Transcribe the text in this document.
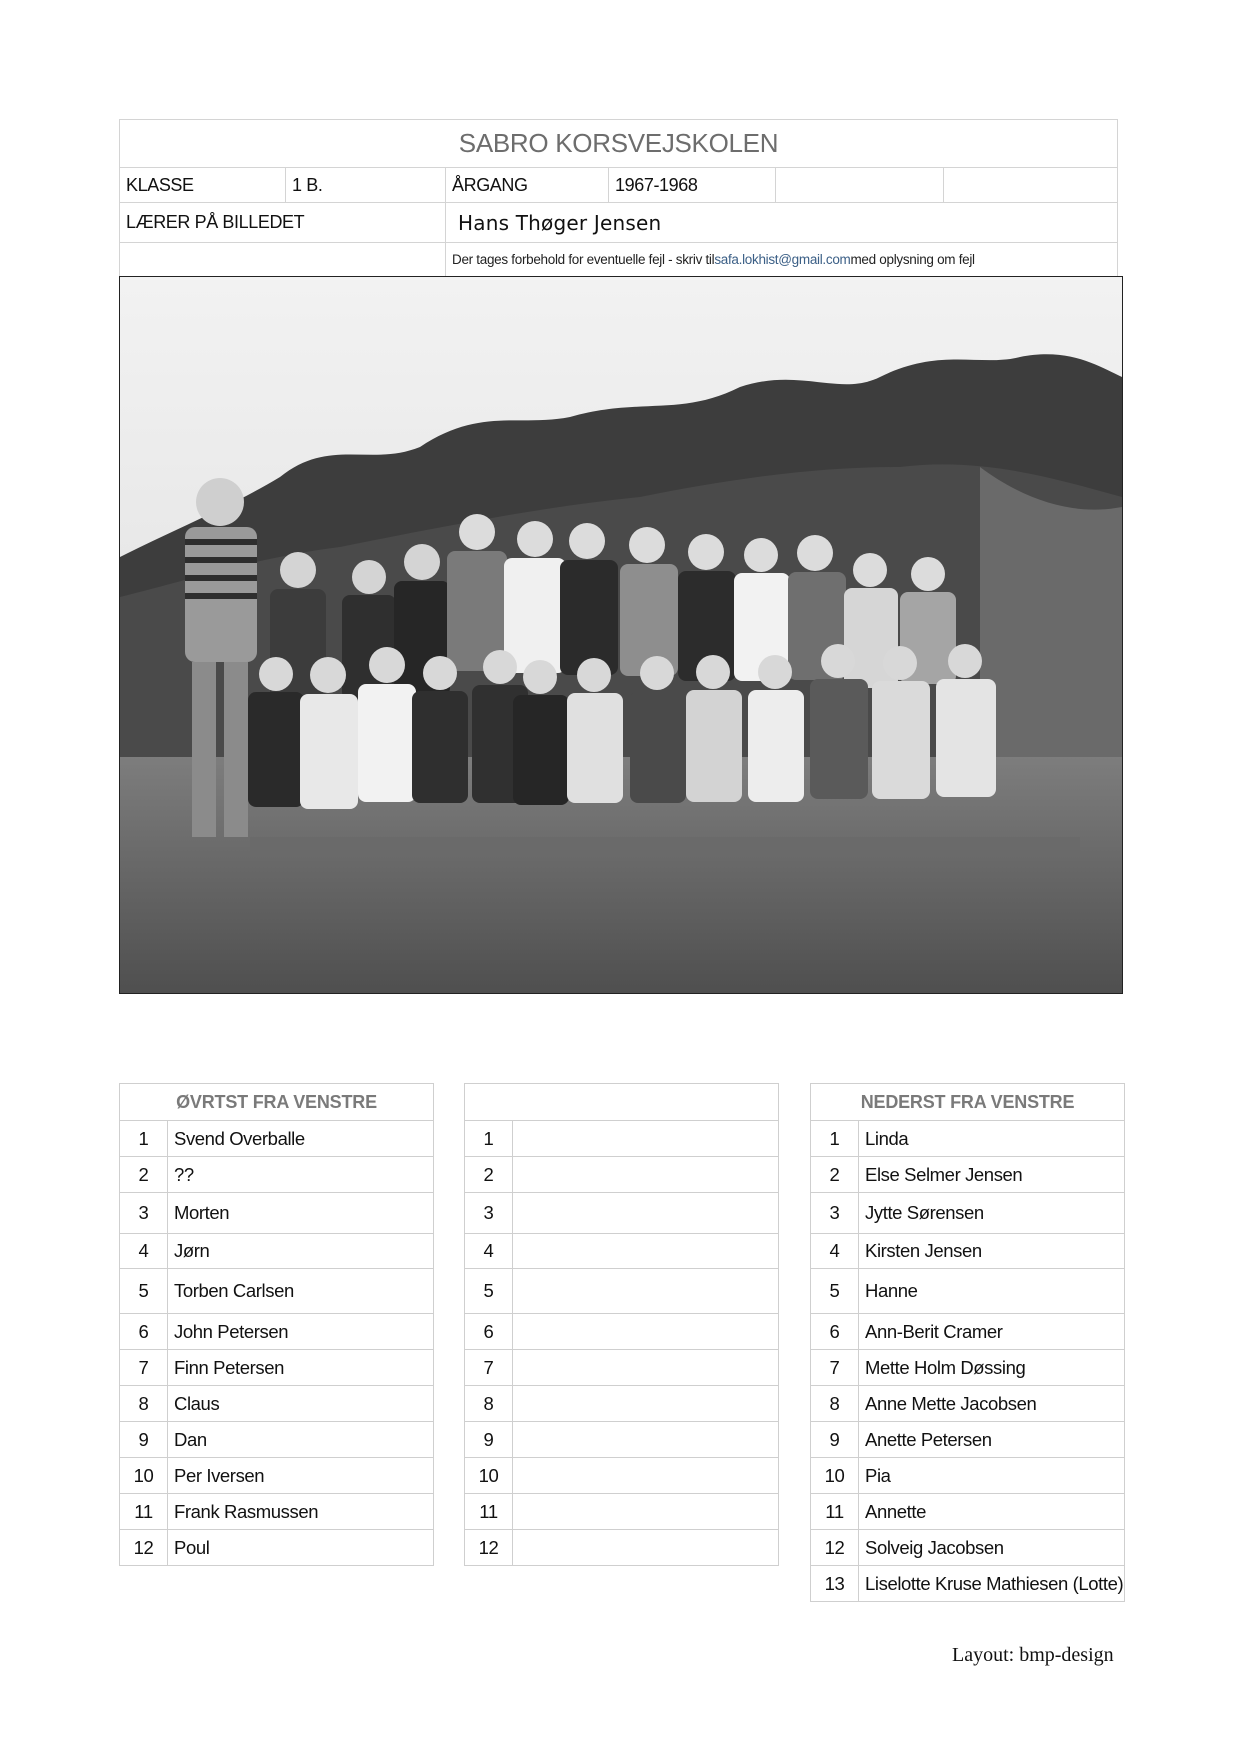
SABRO KORSVEJSKOLEN
KLASSE	1 B.	ÅRGANG	1967-1968
LÆRER PÅ BILLEDET	Hans Thøger Jensen
Der tages forbehold for eventuelle fejl - skriv til safa.lokhist@gmail.com med oplysning om fejl
ØVRTST FRA VENSTRE
1	Svend Overballe
2	??
3	Morten
4	Jørn
5	Torben Carlsen
6	John Petersen
7	Finn Petersen
8	Claus
9	Dan
10	Per Iversen
11	Frank Rasmussen
12	Poul
1
2
3
4
5
6
7
8
9
10
11
12
NEDERST FRA VENSTRE
1	Linda
2	Else Selmer Jensen
3	Jytte Sørensen
4	Kirsten Jensen
5	Hanne
6	Ann-Berit Cramer
7	Mette Holm Døssing
8	Anne Mette Jacobsen
9	Anette Petersen
10	Pia
11	Annette
12	Solveig Jacobsen
13	Liselotte Kruse Mathiesen (Lotte)
Layout: bmp-design
